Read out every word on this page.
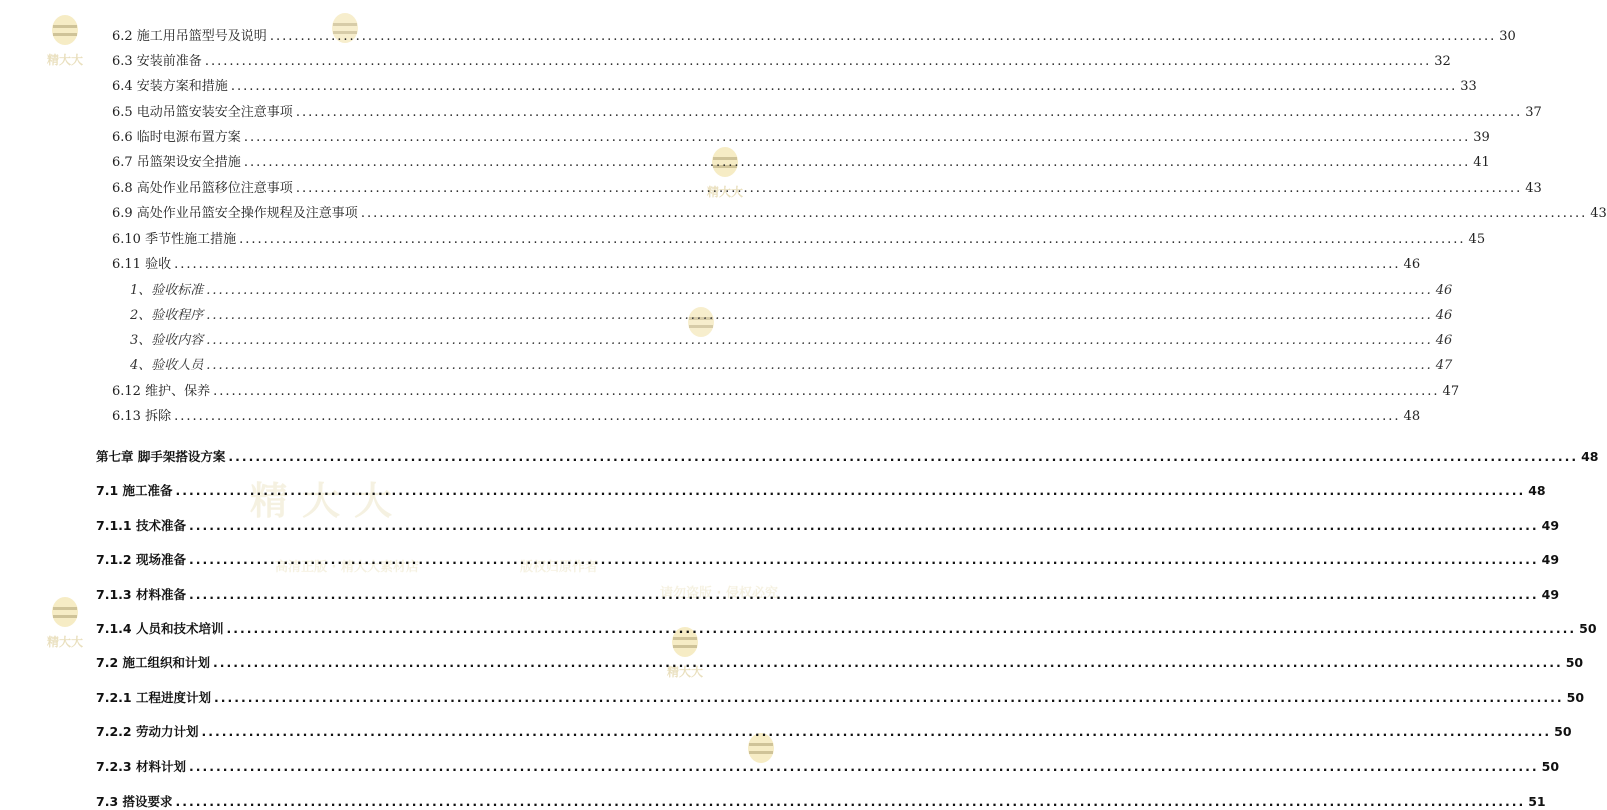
精大大
高清正版 · 精大大素材店	版权归原作者
请勿盗版 · 侵权必究
精大大
精大大
精大大
精大大
6.2 施工用吊篮型号及说明 .....	30
6.3 安装前准备 .....	32
6.4 安装方案和措施 .....	33
6.5 电动吊篮安装安全注意事项 .....	37
6.6 临时电源布置方案 .....	39
6.7 吊篮架设安全措施 .....	41
6.8 高处作业吊篮移位注意事项 .....	43
6.9 高处作业吊篮安全操作规程及注意事项 .....	43
6.10 季节性施工措施 .....	45
6.11 验收 .....	46
1、验收标准 .....	46
2、验收程序 .....	46
3、验收内容 .....	46
4、验收人员 .....	47
6.12 维护、保养 .....	47
6.13 拆除 .....	48
第七章 脚手架搭设方案 .....	48
7.1 施工准备 .....	48
7.1.1 技术准备 .....	49
7.1.2 现场准备 .....	49
7.1.3 材料准备 .....	49
7.1.4 人员和技术培训 .....	50
7.2 施工组织和计划 .....	50
7.2.1 工程进度计划 .....	50
7.2.2 劳动力计划 .....	50
7.2.3 材料计划 .....	50
7.3 搭设要求 .....	51
